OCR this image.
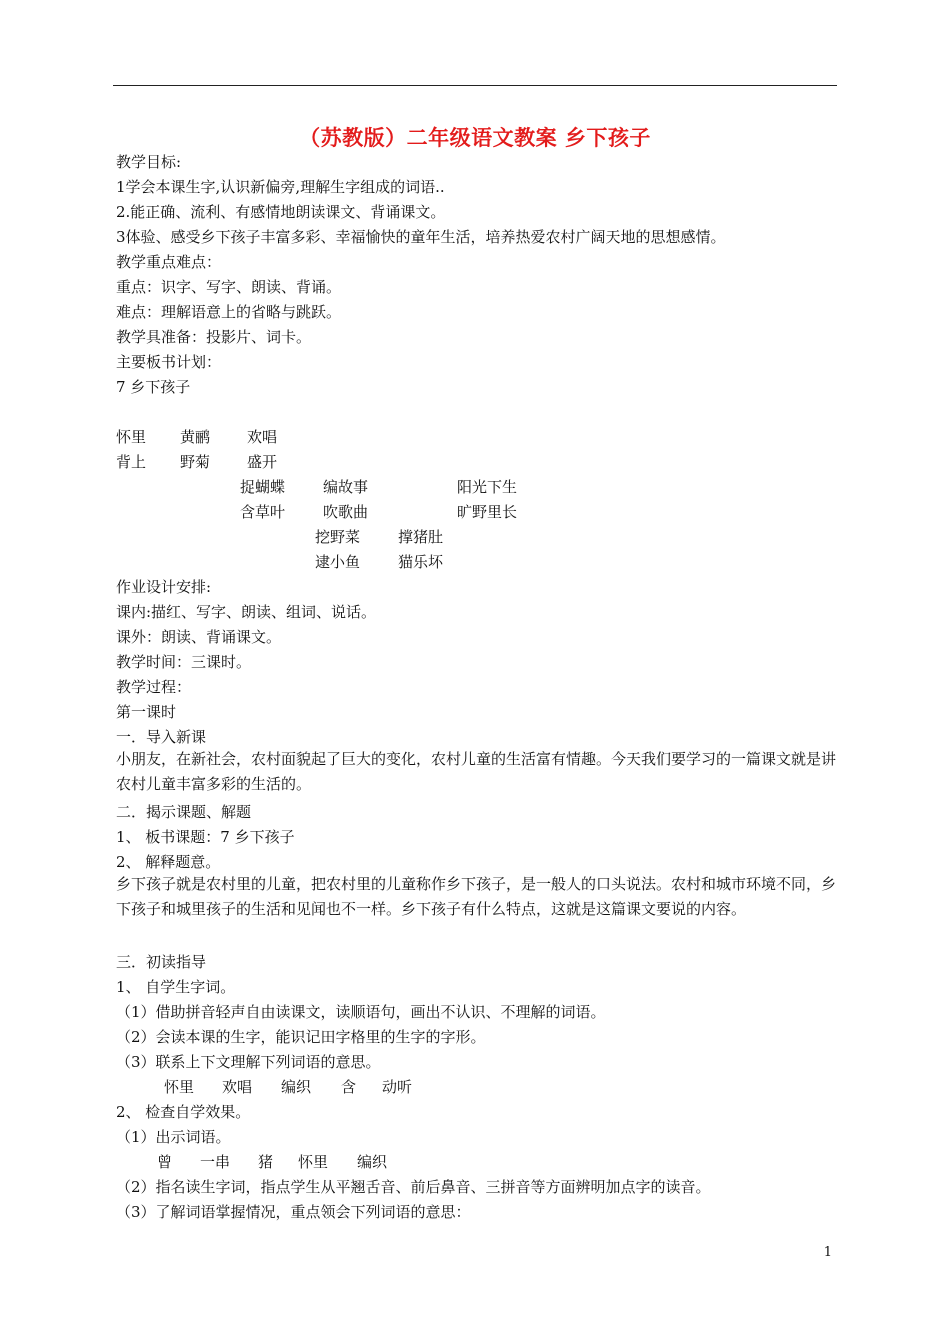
（苏教版）二年级语文教案 乡下孩子
教学目标:
1学会本课生字,认识新偏旁,理解生字组成的词语..
2.能正确、流利、有感情地朗读课文、背诵课文。
3体验、感受乡下孩子丰富多彩、幸福愉快的童年生活，培养热爱农村广阔天地的思想感情。
教学重点难点：
重点：识字、写字、朗读、背诵。
难点：理解语意上的省略与跳跃。
教学具准备：投影片、词卡。
主要板书计划：
7 乡下孩子
怀里 黄鹂 欢唱
背上 野菊 盛开
捉蝴蝶	编故事	阳光下生
含草叶	吹歌曲	旷野里长
挖野菜	撑猪肚
逮小鱼	猫乐坏
作业设计安排:
课内:描红、写字、朗读、组词、说话。
课外：朗读、背诵课文。
教学时间：三课时。
教学过程：
第一课时
一．导入新课
小朋友，在新社会，农村面貌起了巨大的变化，农村儿童的生活富有情趣。今天我们要学习的一篇课文就是讲农村儿童丰富多彩的生活的。
二．揭示课题、解题
1、 板书课题：7 乡下孩子
2、 解释题意。
乡下孩子就是农村里的儿童，把农村里的儿童称作乡下孩子，是一般人的口头说法。农村和城市环境不同，乡下孩子和城里孩子的生活和见闻也不一样。乡下孩子有什么特点，这就是这篇课文要说的内容。
三．初读指导
1、 自学生字词。
（1）借助拼音轻声自由读课文，读顺语句，画出不认识、不理解的词语。
（2）会读本课的生字，能识记田字格里的生字的字形。
（3）联系上下文理解下列词语的意思。
怀里 欢唱 编织 含 动听
2、 检查自学效果。
（1）出示词语。
曾 一串 猪 怀里 编织
（2）指名读生字词，指点学生从平翘舌音、前后鼻音、三拼音等方面辨明加点字的读音。
（3）了解词语掌握情况，重点领会下列词语的意思：
1
